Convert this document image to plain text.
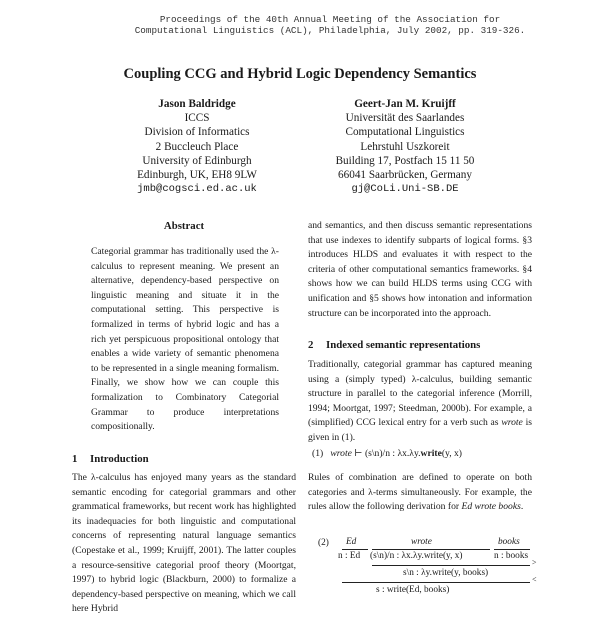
Proceedings of the 40th Annual Meeting of the Association for
Computational Linguistics (ACL), Philadelphia, July 2002, pp. 319-326.
Coupling CCG and Hybrid Logic Dependency Semantics
Jason Baldridge
ICCS
Division of Informatics
2 Buccleuch Place
University of Edinburgh
Edinburgh, UK, EH8 9LW
jmb@cogsci.ed.ac.uk
Geert-Jan M. Kruijff
Universität des Saarlandes
Computational Linguistics
Lehrstuhl Uszkoreit
Building 17, Postfach 15 11 50
66041 Saarbrücken, Germany
gj@CoLi.Uni-SB.DE
Abstract
Categorial grammar has traditionally used the λ-calculus to represent meaning. We present an alternative, dependency-based perspective on linguistic meaning and situate it in the computational setting. This perspective is formalized in terms of hybrid logic and has a rich yet perspicuous propositional ontology that enables a wide variety of semantic phenomena to be represented in a single meaning formalism. Finally, we show how we can couple this formalization to Combinatory Categorial Grammar to produce interpretations compositionally.
1 Introduction

The λ-calculus has enjoyed many years as the standard semantic encoding for categorial grammars and other grammatical frameworks, but recent work has highlighted its inadequacies for both linguistic and computational concerns of representing natural language semantics (Copestake et al., 1999; Kruijff, 2001). The latter couples a resource-sensitive categorial proof theory (Moortgat, 1997) to hybrid logic (Blackburn, 2000) to formalize a dependency-based perspective on meaning, which we call here Hybrid

and semantics, and then discuss semantic representations that use indexes to identify subparts of logical forms. §3 introduces HLDS and evaluates it with respect to the criteria of other computational semantics frameworks. §4 shows how we can build HLDS terms using CCG with unification and §5 shows how intonation and information structure can be incorporated into the approach.

2 Indexed semantic representations

Traditionally, categorial grammar has captured meaning using a (simply typed) λ-calculus, building semantic structure in parallel to the categorial inference (Morrill, 1994; Moortgat, 1997; Steedman, 2000b). For example, a (simplified) CCG lexical entry for a verb such as wrote is given in (1).

(1) wrote ⊢ (s\n)/n : λx.λy.write(y, x)

Rules of combination are defined to operate on both categories and λ-terms simultaneously. For example, the rules allow the following derivation for Ed wrote books.

(2) Ed	wrote	books
n : Ed (s\n)/n : λx.λy.write(y, x)	n : books
>
s\n : λy.write(y, books)
<
s : write(Ed, books)
